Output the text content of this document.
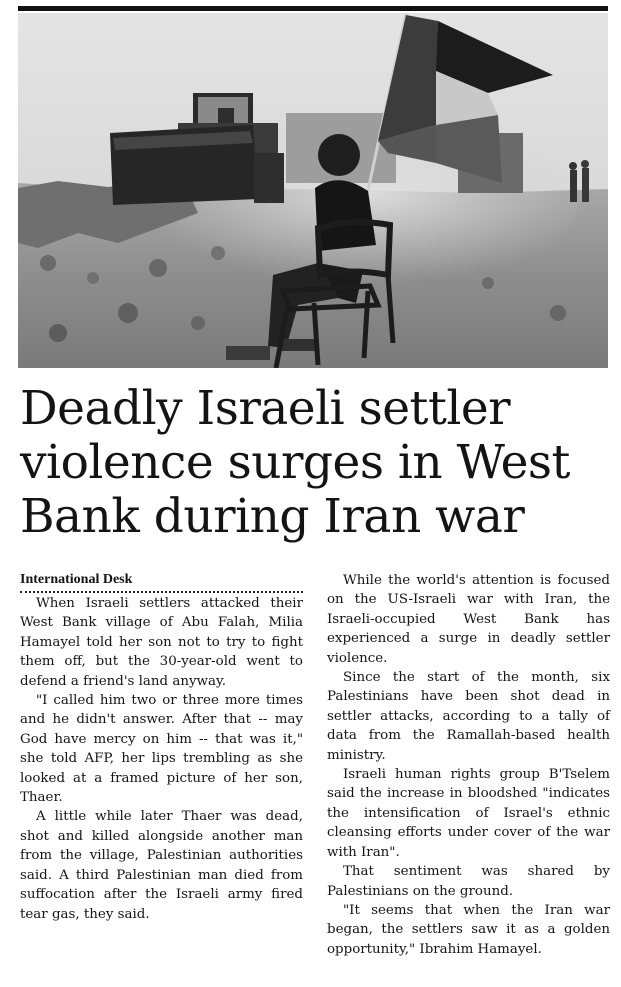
Deadly Israeli settler violence surges in West Bank during Iran war
International Desk

When Israeli settlers attacked their West Bank village of Abu Falah, Milia Hamayel told her son not to try to fight them off, but the 30-year-old went to defend a friend's land anyway.

"I called him two or three more times and he didn't answer. After that -- may God have mercy on him -- that was it," she told AFP, her lips trembling as she looked at a framed picture of her son, Thaer.

A little while later Thaer was dead, shot and killed alongside another man from the village, Palestinian authorities said. A third Palestinian man died from suffocation after the Israeli army fired tear gas, they said.

While the world's attention is focused on the US-Israeli war with Iran, the Israeli-occupied West Bank has experienced a surge in deadly settler violence.

Since the start of the month, six Palestinians have been shot dead in settler attacks, according to a tally of data from the Ramallah-based health ministry.

Israeli human rights group B'Tselem said the increase in bloodshed "indicates the intensification of Israel's ethnic cleansing efforts under cover of the war with Iran".

That sentiment was shared by Palestinians on the ground.

"It seems that when the Iran war began, the settlers saw it as a golden opportunity," Ibrahim Hamayel.
